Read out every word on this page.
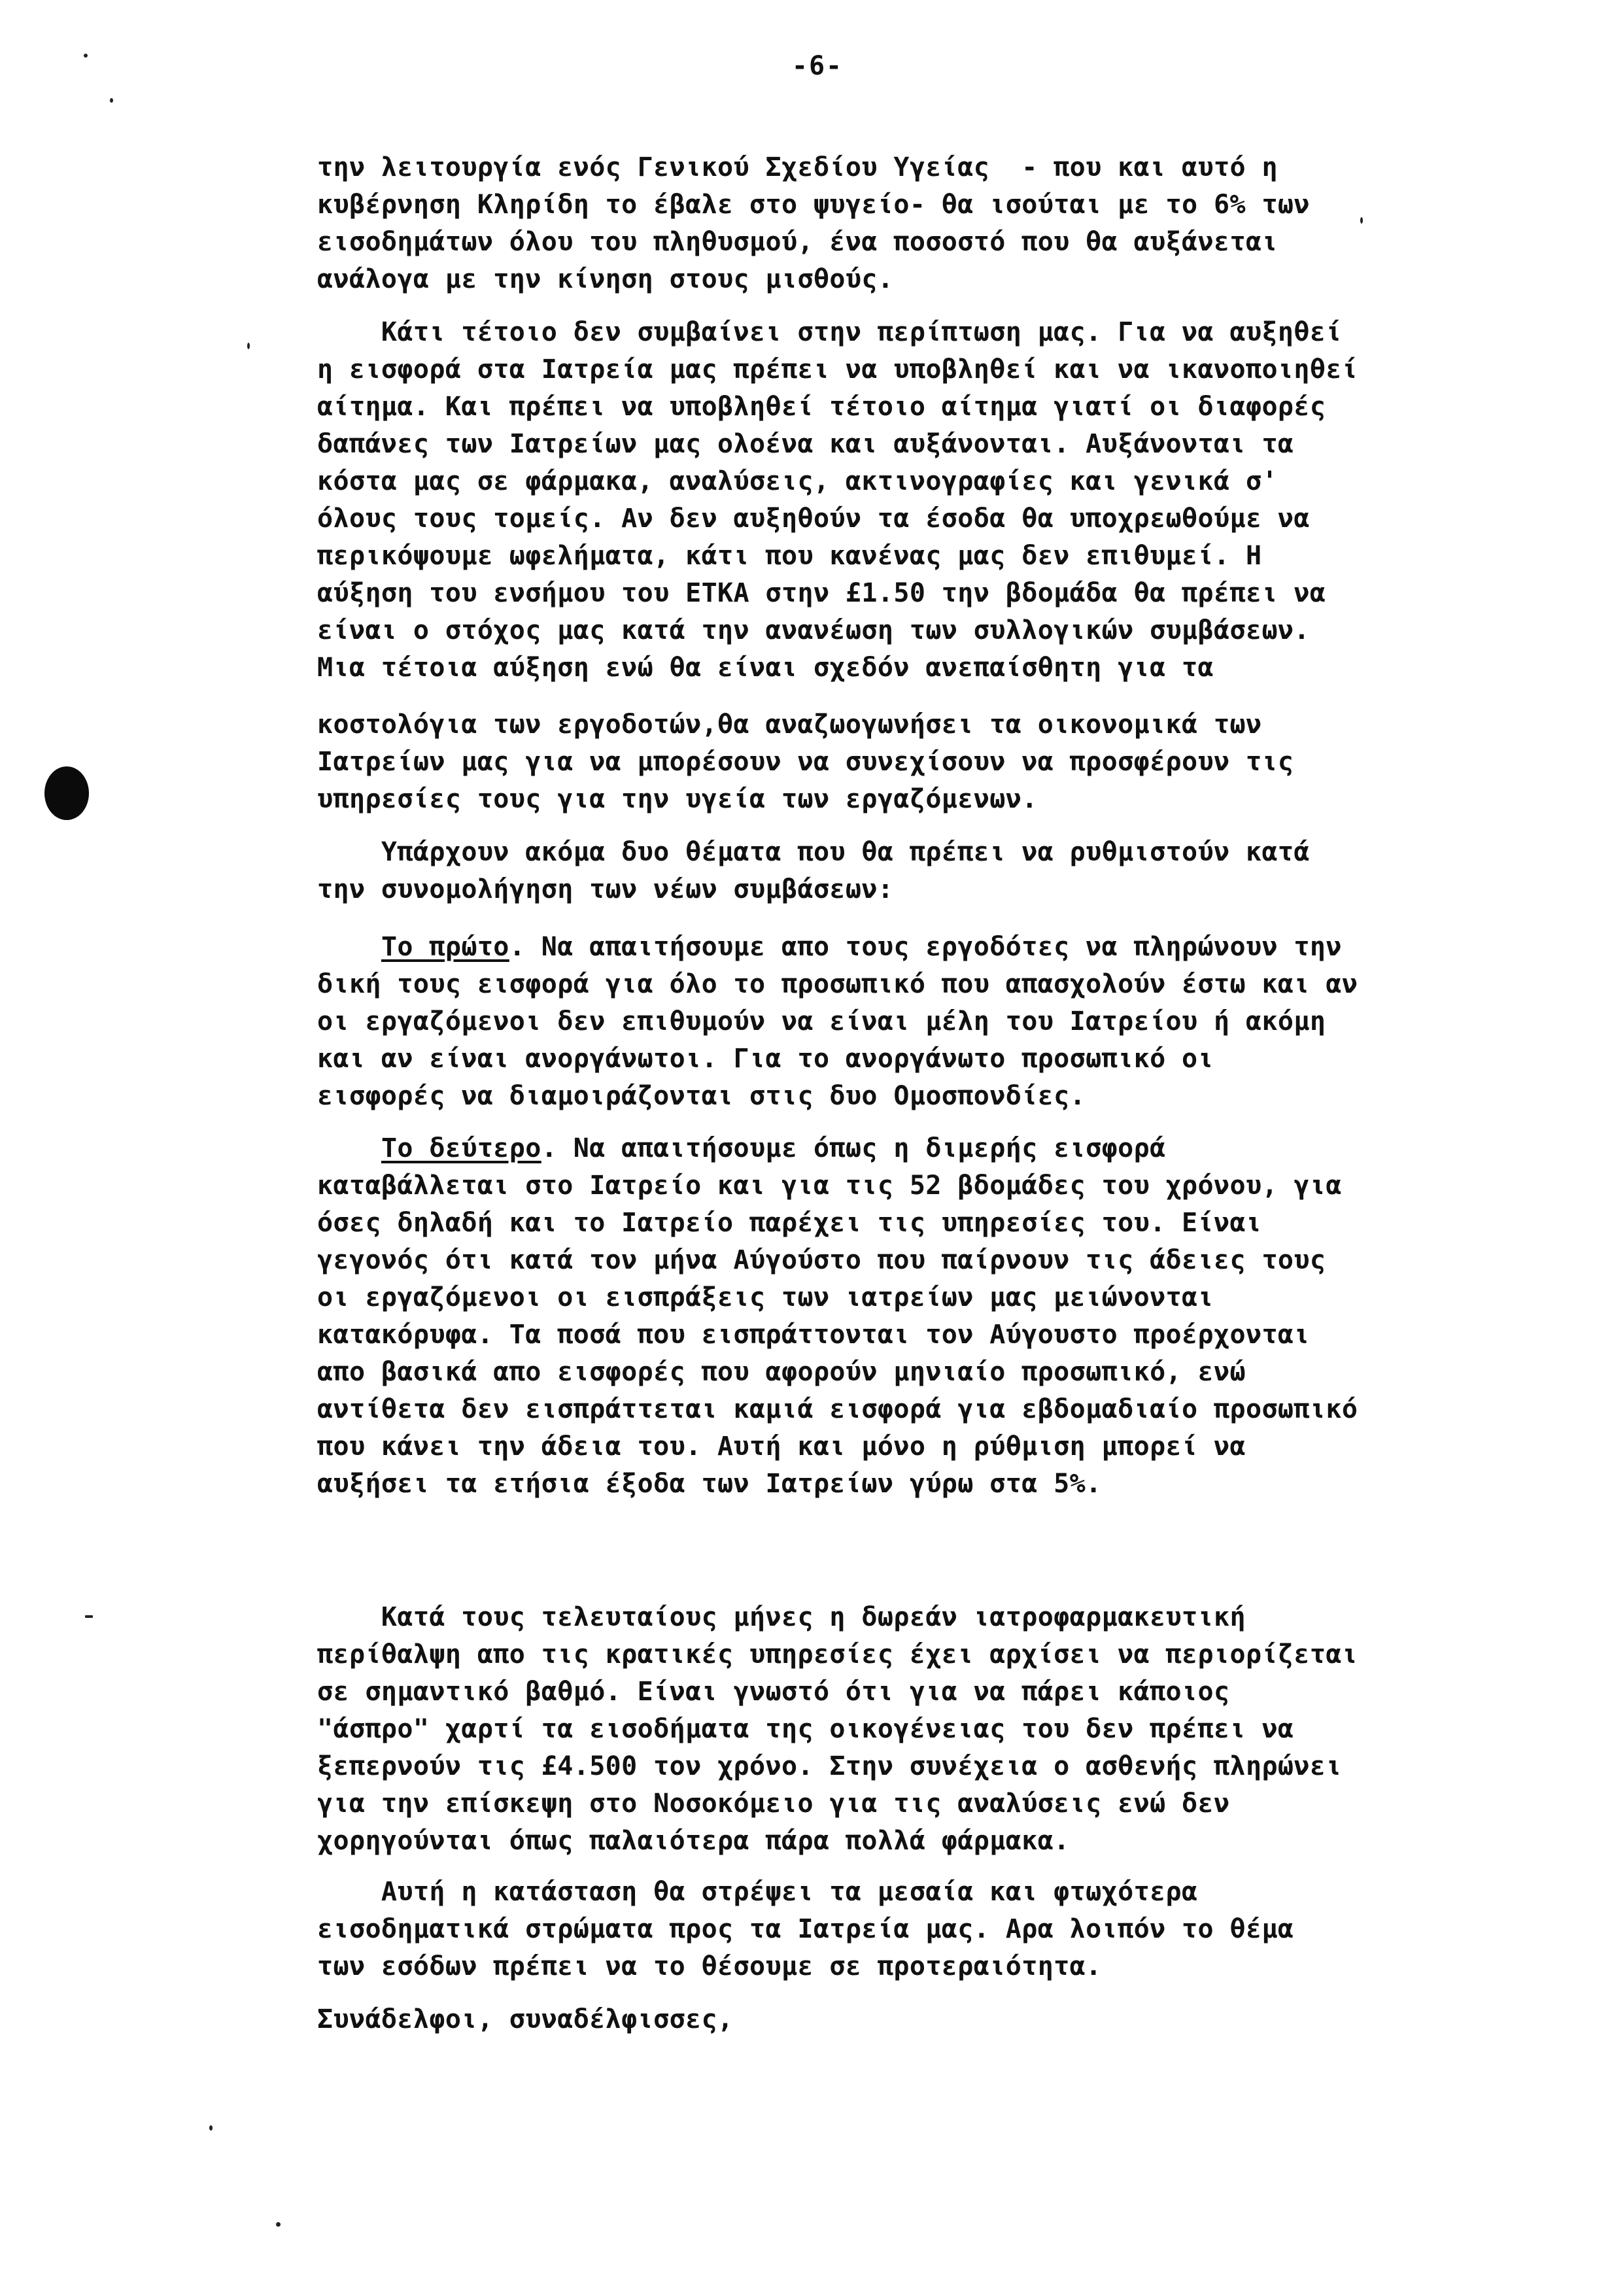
-6-
την λειτουργία ενός Γενικού Σχεδίου Υγείας  - που και αυτό η
κυβέρνηση Κληρίδη το έβαλε στο ψυγείο- θα ισούται με το 6% των
εισοδημάτων όλου του πληθυσμού, ένα ποσοστό που θα αυξάνεται
ανάλογα με την κίνηση στους μισθούς.
Κάτι τέτοιο δεν συμβαίνει στην περίπτωση μας. Για να αυξηθεί
η εισφορά στα Ιατρεία μας πρέπει να υποβληθεί και να ικανοποιηθεί
αίτημα. Και πρέπει να υποβληθεί τέτοιο αίτημα γιατί οι διαφορές
δαπάνες των Ιατρείων μας ολοένα και αυξάνονται. Αυξάνονται τα
κόστα μας σε φάρμακα, αναλύσεις, ακτινογραφίες και γενικά σ'
όλους τους τομείς. Αν δεν αυξηθούν τα έσοδα θα υποχρεωθούμε να
περικόψουμε ωφελήματα, κάτι που κανένας μας δεν επιθυμεί. Η
αύξηση του ενσήμου του ΕΤΚΑ στην £1.50 την βδομάδα θα πρέπει να
είναι ο στόχος μας κατά την ανανέωση των συλλογικών συμβάσεων.
Μια τέτοια αύξηση ενώ θα είναι σχεδόν ανεπαίσθητη για τα
κοστολόγια των εργοδοτών,θα αναζωογωνήσει τα οικονομικά των
Ιατρείων μας για να μπορέσουν να συνεχίσουν να προσφέρουν τις
υπηρεσίες τους για την υγεία των εργαζόμενων.
Υπάρχουν ακόμα δυο θέματα που θα πρέπει να ρυθμιστούν κατά
την συνομολήγηση των νέων συμβάσεων:
Το πρώτο. Να απαιτήσουμε απο τους εργοδότες να πληρώνουν την
δική τους εισφορά για όλο το προσωπικό που απασχολούν έστω και αν
οι εργαζόμενοι δεν επιθυμούν να είναι μέλη του Ιατρείου ή ακόμη
και αν είναι ανοργάνωτοι. Για το ανοργάνωτο προσωπικό οι
εισφορές να διαμοιράζονται στις δυο Ομοσπονδίες.
Το δεύτερο. Να απαιτήσουμε όπως η διμερής εισφορά
καταβάλλεται στο Ιατρείο και για τις 52 βδομάδες του χρόνου, για
όσες δηλαδή και το Ιατρείο παρέχει τις υπηρεσίες του. Είναι
γεγονός ότι κατά τον μήνα Αύγούστο που παίρνουν τις άδειες τους
οι εργαζόμενοι οι εισπράξεις των ιατρείων μας μειώνονται
κατακόρυφα. Τα ποσά που εισπράττονται τον Αύγουστο προέρχονται
απο βασικά απο εισφορές που αφορούν μηνιαίο προσωπικό, ενώ
αντίθετα δεν εισπράττεται καμιά εισφορά για εβδομαδιαίο προσωπικό
που κάνει την άδεια του. Αυτή και μόνο η ρύθμιση μπορεί να
αυξήσει τα ετήσια έξοδα των Ιατρείων γύρω στα 5%.
Κατά τους τελευταίους μήνες η δωρεάν ιατροφαρμακευτική
περίθαλψη απο τις κρατικές υπηρεσίες έχει αρχίσει να περιορίζεται
σε σημαντικό βαθμό. Είναι γνωστό ότι για να πάρει κάποιος
"άσπρο" χαρτί τα εισοδήματα της οικογένειας του δεν πρέπει να
ξεπερνούν τις £4.500 τον χρόνο. Στην συνέχεια ο ασθενής πληρώνει
για την επίσκεψη στο Νοσοκόμειο για τις αναλύσεις ενώ δεν
χορηγούνται όπως παλαιότερα πάρα πολλά φάρμακα.
Αυτή η κατάσταση θα στρέψει τα μεσαία και φτωχότερα
εισοδηματικά στρώματα προς τα Ιατρεία μας. Αρα λοιπόν το θέμα
των εσόδων πρέπει να το θέσουμε σε προτεραιότητα.
Συνάδελφοι, συναδέλφισσες,
